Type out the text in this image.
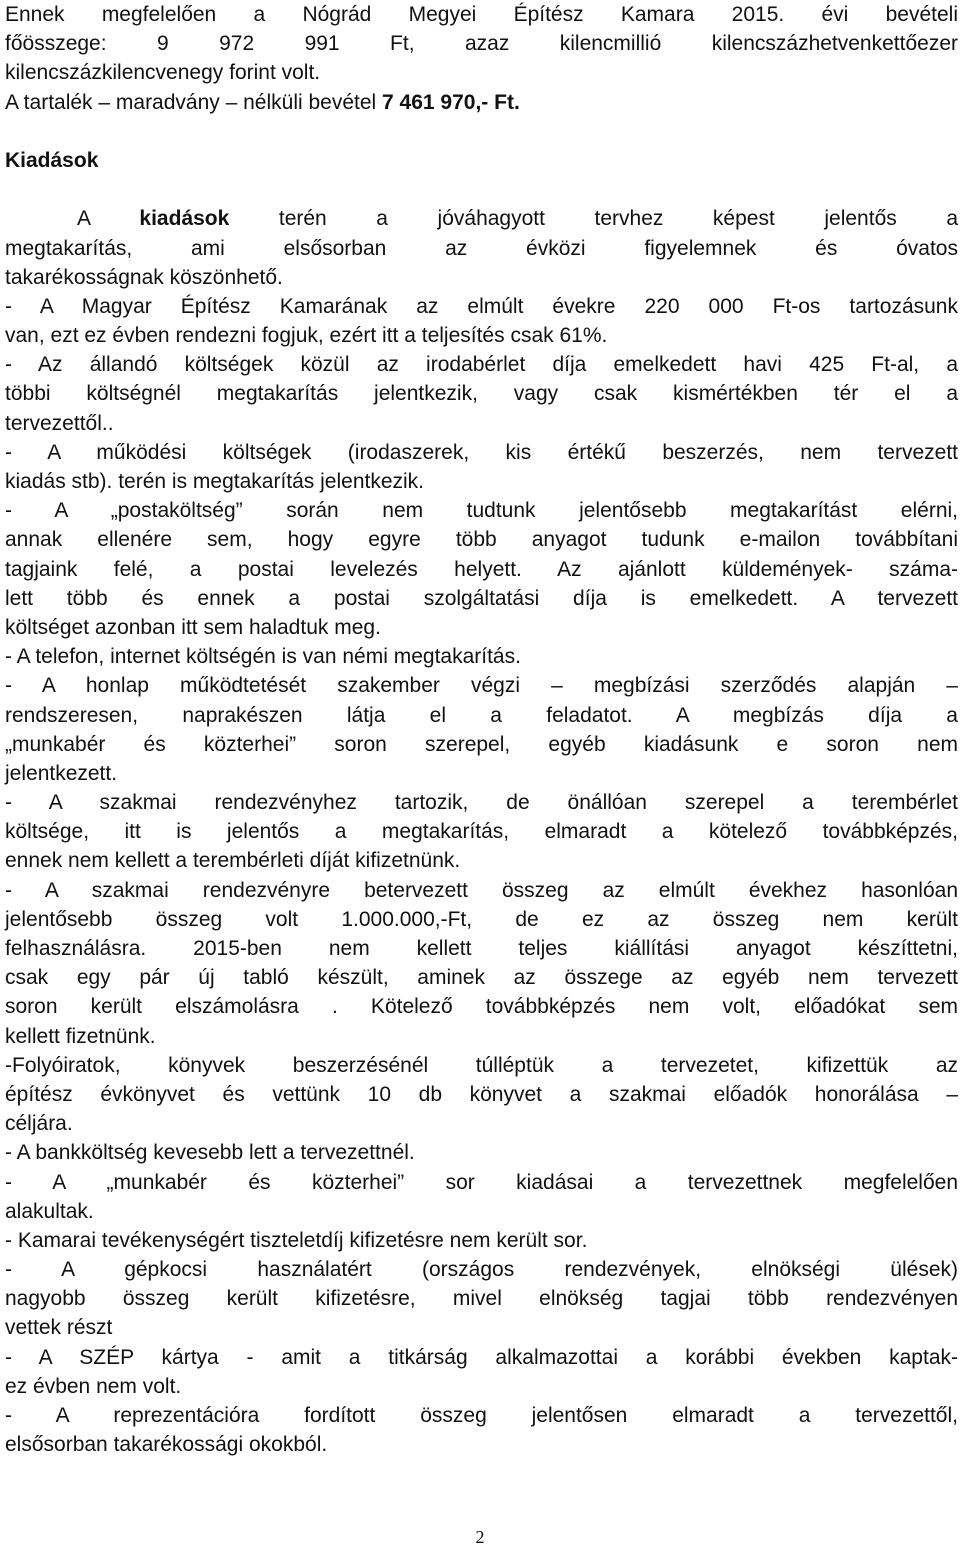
Ennek megfelelően a Nógrád Megyei Építész Kamara 2015. évi bevételi
főösszege: 9 972 991 Ft, azaz kilencmillió kilencszázhetvenkettőezer
kilencszázkilencvenegy forint volt.
A tartalék – maradvány – nélküli bevétel 7 461 970,- Ft.
Kiadások
A kiadások terén a jóváhagyott tervhez képest jelentős a
megtakarítás, ami elsősorban az évközi figyelemnek és óvatos
takarékosságnak köszönhető.
- A Magyar Építész Kamarának az elmúlt évekre 220 000 Ft-os tartozásunk
van, ezt ez évben rendezni fogjuk, ezért itt a teljesítés csak 61%.
- Az állandó költségek közül az irodabérlet díja emelkedett havi 425 Ft-al, a
többi költségnél megtakarítás jelentkezik, vagy csak kismértékben tér el a
tervezettől..
- A működési költségek (irodaszerek, kis értékű beszerzés, nem tervezett
kiadás stb). terén is megtakarítás jelentkezik.
- A „postaköltség” során nem tudtunk jelentősebb megtakarítást elérni,
annak ellenére sem, hogy egyre több anyagot tudunk e-mailon továbbítani
tagjaink felé, a postai levelezés helyett. Az ajánlott küldemények- száma-
lett több és ennek a postai szolgáltatási díja is emelkedett. A tervezett
költséget azonban itt sem haladtuk meg.
- A telefon, internet költségén is van némi megtakarítás.
- A honlap működtetését szakember végzi – megbízási szerződés alapján –
rendszeresen, naprakészen látja el a feladatot. A megbízás díja a
„munkabér és közterhei” soron szerepel, egyéb kiadásunk e soron nem
jelentkezett.
- A szakmai rendezvényhez tartozik, de önállóan szerepel a terembérlet
költsége, itt is jelentős a megtakarítás, elmaradt a kötelező továbbképzés,
ennek nem kellett a terembérleti díját kifizetnünk.
- A szakmai rendezvényre betervezett összeg az elmúlt évekhez hasonlóan
jelentősebb összeg volt 1.000.000,-Ft, de ez az összeg nem került
felhasználásra. 2015-ben nem kellett teljes kiállítási anyagot készíttetni,
csak egy pár új tabló készült, aminek az összege az egyéb nem tervezett
soron került elszámolásra . Kötelező továbbképzés nem volt, előadókat sem
kellett fizetnünk.
-Folyóiratok, könyvek beszerzésénél túlléptük a tervezetet, kifizettük az
építész évkönyvet és vettünk 10 db könyvet a szakmai előadók honorálása –
céljára.
- A bankköltség kevesebb lett a tervezettnél.
- A „munkabér és közterhei” sor kiadásai a tervezettnek megfelelően
alakultak.
- Kamarai tevékenységért tiszteletdíj kifizetésre nem került sor.
- A gépkocsi használatért (országos rendezvények, elnökségi ülések)
nagyobb összeg került kifizetésre, mivel elnökség tagjai több rendezvényen
vettek részt
- A SZÉP kártya - amit a titkárság alkalmazottai a korábbi években kaptak-
ez évben nem volt.
- A reprezentációra fordított összeg jelentősen elmaradt a tervezettől,
elsősorban takarékossági okokból.
2
